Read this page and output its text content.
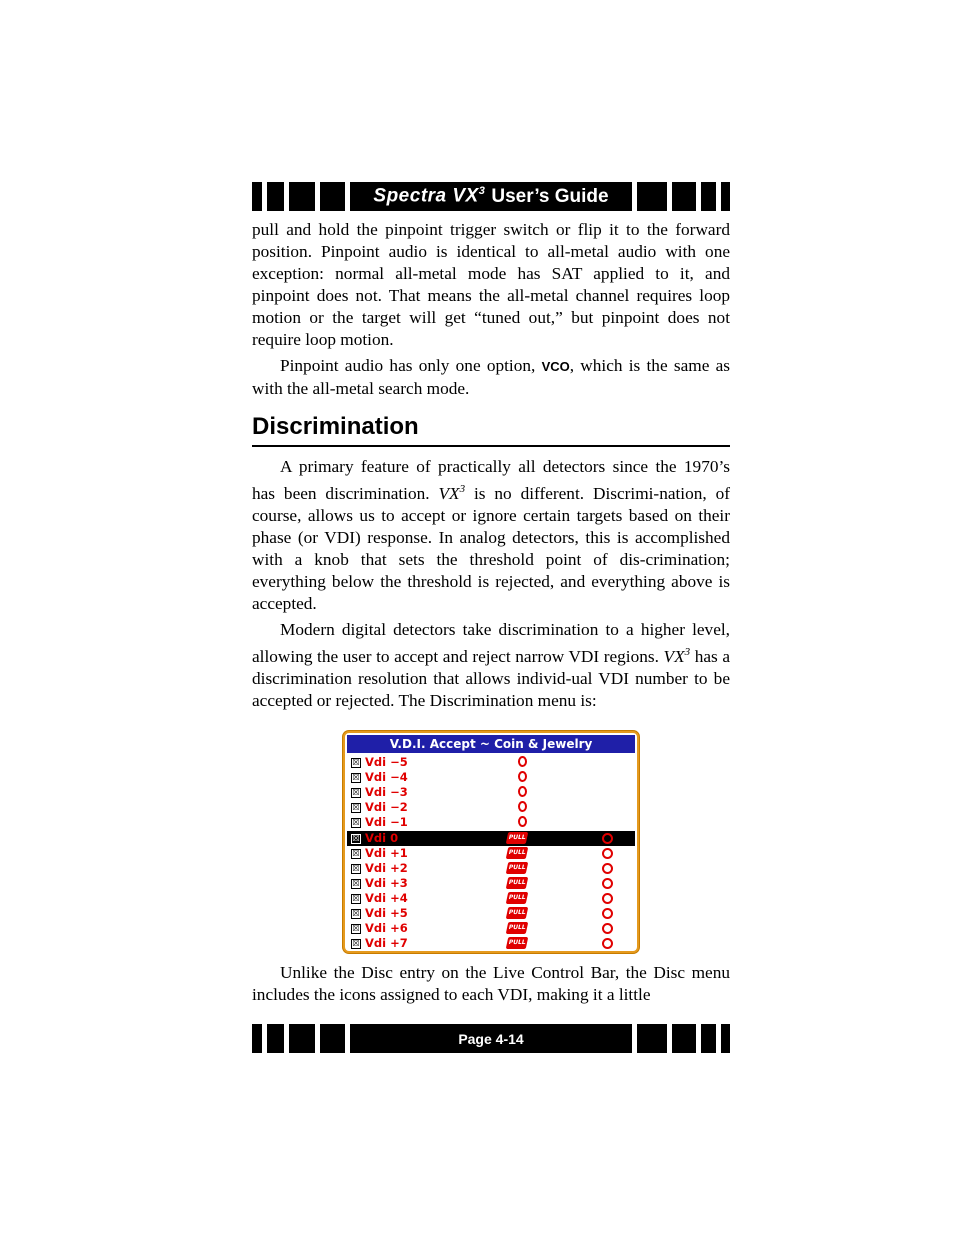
Spectra $VX^3$ User’s Guide

pull and hold the pinpoint trigger switch or flip it to the forward position. Pinpoint audio is identical to all-metal audio with one exception: normal all-metal mode has SAT applied to it, and pinpoint does not. That means the all-metal channel requires loop motion or the target will get “tuned out,” but pinpoint does not require loop motion.

Pinpoint audio has only one option, VCO, which is the same as with the all-metal search mode.

Discrimination

A primary feature of practically all detectors since the 1970’s has been discrimination. $VX^3$ is no different. Discrimi-nation, of course, allows us to accept or ignore certain targets based on their phase (or VDI) response. In analog detectors, this is accomplished with a knob that sets the threshold point of dis-crimination; everything below the threshold is rejected, and everything above is accepted.

Modern digital detectors take discrimination to a higher level, allowing the user to accept and reject narrow VDI regions. $VX^3$ has a discrimination resolution that allows individ-ual VDI number to be accepted or rejected. The Discrimination menu is:

V.D.I. Accept ~ Coin & Jewelry
☒ Vdi −5
☒ Vdi −4
☒ Vdi −3
☒ Vdi −2
☒ Vdi −1
☒ Vdi 0	PULL
☒ Vdi +1	PULL
☒ Vdi +2	PULL
☒ Vdi +3	PULL
☒ Vdi +4	PULL
☒ Vdi +5	PULL
☒ Vdi +6	PULL
☒ Vdi +7	PULL

Unlike the Disc entry on the Live Control Bar, the Disc menu includes the icons assigned to each VDI, making it a little

Page 4-14
